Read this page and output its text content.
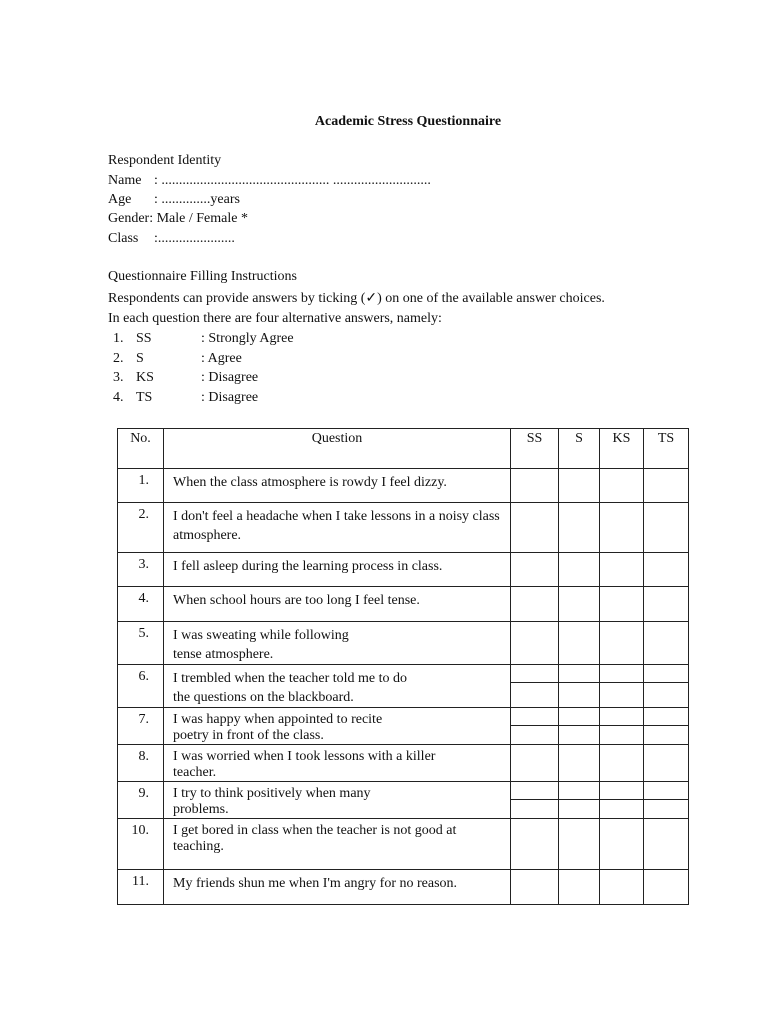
Academic Stress Questionnaire
Respondent Identity
Name : ................................................ ............................
Age : ..............years
Gender: Male / Female *
Class :......................
Questionnaire Filling Instructions
Respondents can provide answers by ticking (✓) on one of the available answer choices.
In each question there are four alternative answers, namely:
1. SS	: Strongly Agree
2. S	: Agree
3. KS	: Disagree
4. TS	: Disagree
No.	Question	SS	S	KS	TS
1.	When the class atmosphere is rowdy I feel dizzy.				
2.	I don't feel a headache when I take lessons in a noisy class atmosphere.				
3.	I fell asleep during the learning process in class.				
4.	When school hours are too long I feel tense.				
5.	I was sweating while following tense atmosphere.				

6.	I trembled when the teacher told me to do the questions on the blackboard.				

7.	I was happy when appointed to recite poetry in front of the class.				

8.	I was worried when I took lessons with a killer teacher.				

9.	I try to think positively when many problems.				

10.	I get bored in class when the teacher is not good at teaching.				

11.	My friends shun me when I'm angry for no reason.				
